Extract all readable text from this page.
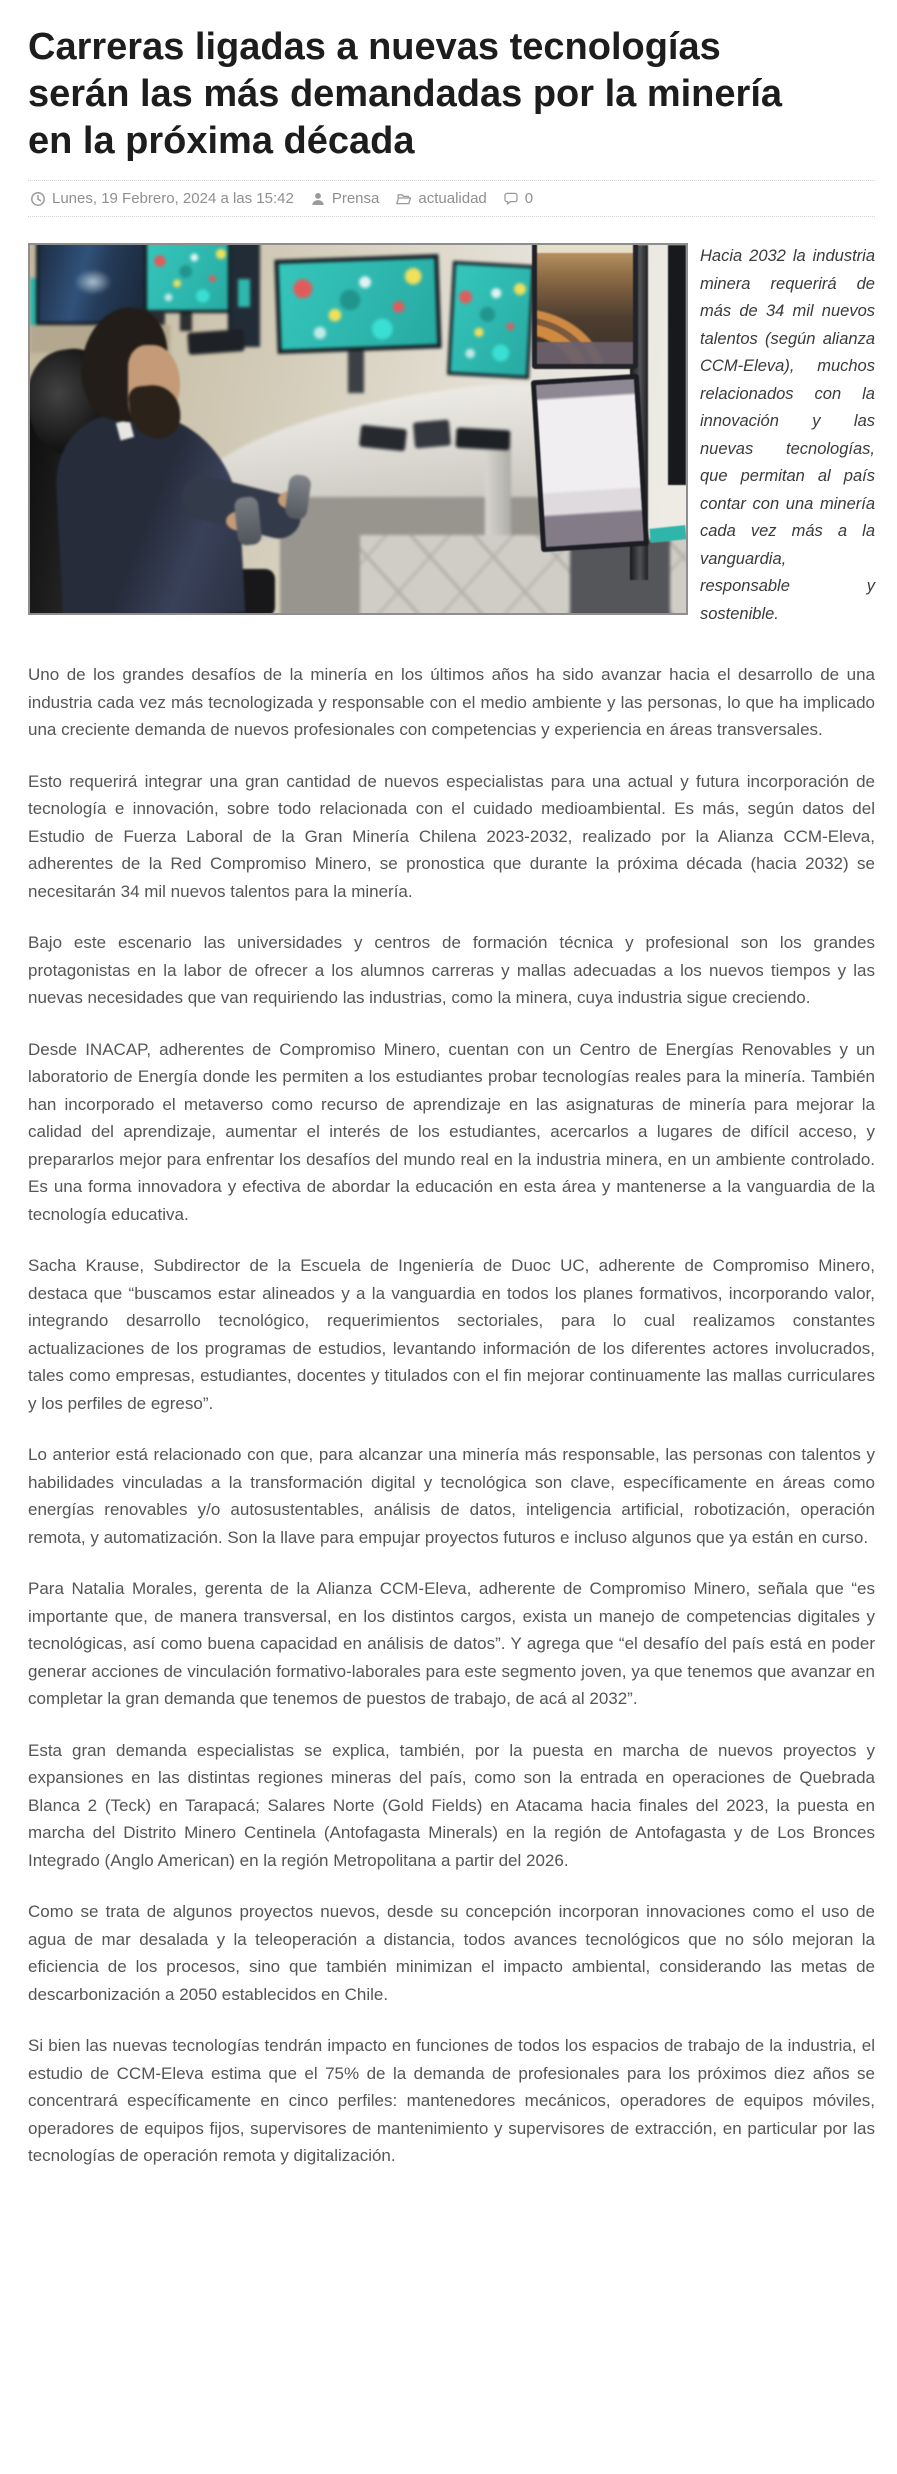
Carreras ligadas a nuevas tecnologías serán las más demandadas por la minería en la próxima década
Lunes, 19 Febrero, 2024 a las 15:42	Prensa	actualidad	0
Hacia 2032 la industria minera requerirá de más de 34 mil nuevos talentos (según alianza CCM-Eleva), muchos relacionados con la innovación y las nuevas tecnologías, que permitan al país contar con una minería cada vez más a la vanguardia, responsable y sostenible.

Uno de los grandes desafíos de la minería en los últimos años ha sido avanzar hacia el desarrollo de una industria cada vez más tecnologizada y responsable con el medio ambiente y las personas, lo que ha implicado una creciente demanda de nuevos profesionales con competencias y experiencia en áreas transversales.

Esto requerirá integrar una gran cantidad de nuevos especialistas para una actual y futura incorporación de tecnología e innovación, sobre todo relacionada con el cuidado medioambiental. Es más, según datos del Estudio de Fuerza Laboral de la Gran Minería Chilena 2023-2032, realizado por la Alianza CCM-Eleva, adherentes de la Red Compromiso Minero, se pronostica que durante la próxima década (hacia 2032) se necesitarán 34 mil nuevos talentos para la minería.

Bajo este escenario las universidades y centros de formación técnica y profesional son los grandes protagonistas en la labor de ofrecer a los alumnos carreras y mallas adecuadas a los nuevos tiempos y las nuevas necesidades que van requiriendo las industrias, como la minera, cuya industria sigue creciendo.

Desde INACAP, adherentes de Compromiso Minero, cuentan con un Centro de Energías Renovables y un laboratorio de Energía donde les permiten a los estudiantes probar tecnologías reales para la minería. También han incorporado el metaverso como recurso de aprendizaje en las asignaturas de minería para mejorar la calidad del aprendizaje, aumentar el interés de los estudiantes, acercarlos a lugares de difícil acceso, y prepararlos mejor para enfrentar los desafíos del mundo real en la industria minera, en un ambiente controlado. Es una forma innovadora y efectiva de abordar la educación en esta área y mantenerse a la vanguardia de la tecnología educativa.

Sacha Krause, Subdirector de la Escuela de Ingeniería de Duoc UC, adherente de Compromiso Minero, destaca que “buscamos estar alineados y a la vanguardia en todos los planes formativos, incorporando valor, integrando desarrollo tecnológico, requerimientos sectoriales, para lo cual realizamos constantes actualizaciones de los programas de estudios, levantando información de los diferentes actores involucrados, tales como empresas, estudiantes, docentes y titulados con el fin mejorar continuamente las mallas curriculares y los perfiles de egreso”.

Lo anterior está relacionado con que, para alcanzar una minería más responsable, las personas con talentos y habilidades vinculadas a la transformación digital y tecnológica son clave, específicamente en áreas como energías renovables y/o autosustentables, análisis de datos, inteligencia artificial, robotización, operación remota, y automatización. Son la llave para empujar proyectos futuros e incluso algunos que ya están en curso.

Para Natalia Morales, gerenta de la Alianza CCM-Eleva, adherente de Compromiso Minero, señala que “es importante que, de manera transversal, en los distintos cargos, exista un manejo de competencias digitales y tecnológicas, así como buena capacidad en análisis de datos”. Y agrega que “el desafío del país está en poder generar acciones de vinculación formativo-laborales para este segmento joven, ya que tenemos que avanzar en completar la gran demanda que tenemos de puestos de trabajo, de acá al 2032”.

Esta gran demanda especialistas se explica, también, por la puesta en marcha de nuevos proyectos y expansiones en las distintas regiones mineras del país, como son la entrada en operaciones de Quebrada Blanca 2 (Teck) en Tarapacá; Salares Norte (Gold Fields) en Atacama hacia finales del 2023, la puesta en marcha del Distrito Minero Centinela (Antofagasta Minerals) en la región de Antofagasta y de Los Bronces Integrado (Anglo American) en la región Metropolitana a partir del 2026.

Como se trata de algunos proyectos nuevos, desde su concepción incorporan innovaciones como el uso de agua de mar desalada y la teleoperación a distancia, todos avances tecnológicos que no sólo mejoran la eficiencia de los procesos, sino que también minimizan el impacto ambiental, considerando las metas de descarbonización a 2050 establecidos en Chile.

Si bien las nuevas tecnologías tendrán impacto en funciones de todos los espacios de trabajo de la industria, el estudio de CCM-Eleva estima que el 75% de la demanda de profesionales para los próximos diez años se concentrará específicamente en cinco perfiles: mantenedores mecánicos, operadores de equipos móviles, operadores de equipos fijos, supervisores de mantenimiento y supervisores de extracción, en particular por las tecnologías de operación remota y digitalización.
